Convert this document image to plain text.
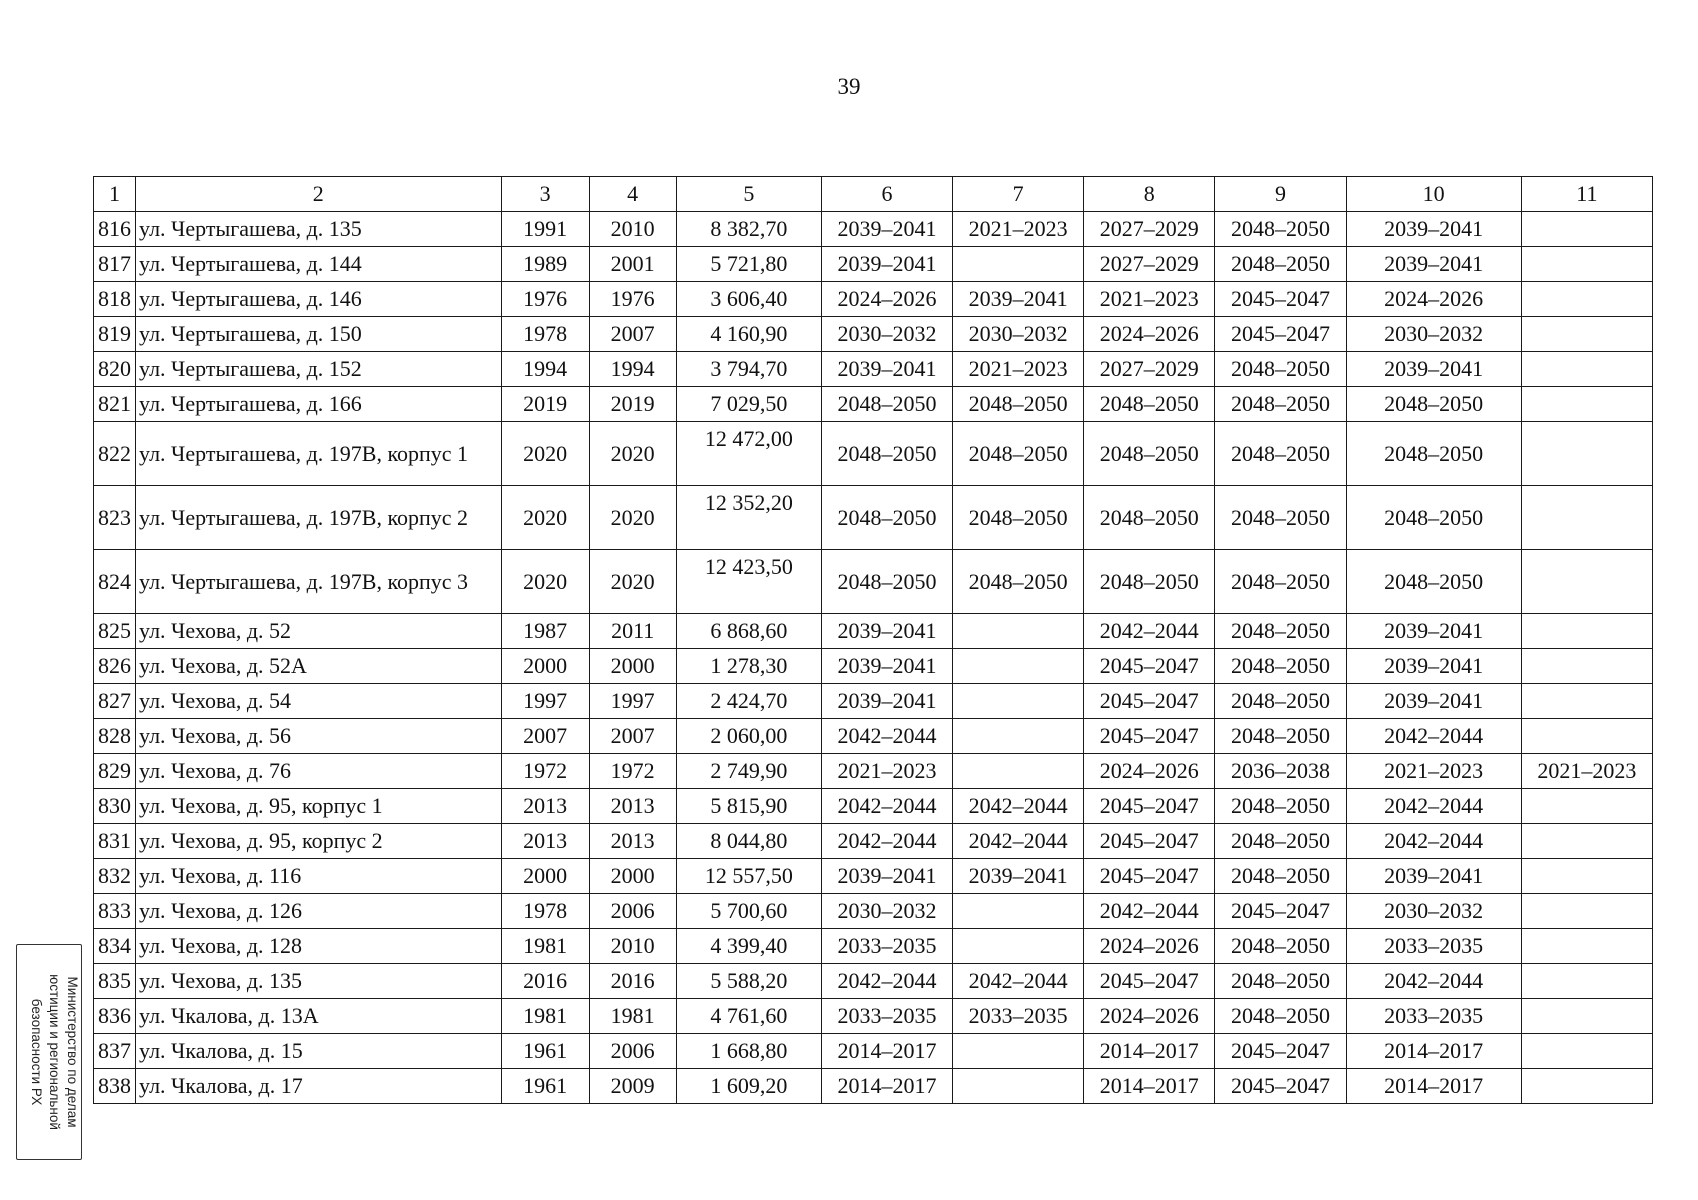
39
1	2	3	4	5	6	7	8	9	10	11
816	ул. Чертыгашева, д. 135	1991	2010	8 382,70	2039–2041	2021–2023	2027–2029	2048–2050	2039–2041	
817	ул. Чертыгашева, д. 144	1989	2001	5 721,80	2039–2041		2027–2029	2048–2050	2039–2041	
818	ул. Чертыгашева, д. 146	1976	1976	3 606,40	2024–2026	2039–2041	2021–2023	2045–2047	2024–2026	
819	ул. Чертыгашева, д. 150	1978	2007	4 160,90	2030–2032	2030–2032	2024–2026	2045–2047	2030–2032	
820	ул. Чертыгашева, д. 152	1994	1994	3 794,70	2039–2041	2021–2023	2027–2029	2048–2050	2039–2041	
821	ул. Чертыгашева, д. 166	2019	2019	7 029,50	2048–2050	2048–2050	2048–2050	2048–2050	2048–2050	
822	ул. Чертыгашева, д. 197В, корпус 1	2020	2020	12 472,00	2048–2050	2048–2050	2048–2050	2048–2050	2048–2050	
823	ул. Чертыгашева, д. 197В, корпус 2	2020	2020	12 352,20	2048–2050	2048–2050	2048–2050	2048–2050	2048–2050	
824	ул. Чертыгашева, д. 197В, корпус 3	2020	2020	12 423,50	2048–2050	2048–2050	2048–2050	2048–2050	2048–2050	
825	ул. Чехова, д. 52	1987	2011	6 868,60	2039–2041		2042–2044	2048–2050	2039–2041	
826	ул. Чехова, д. 52А	2000	2000	1 278,30	2039–2041		2045–2047	2048–2050	2039–2041	
827	ул. Чехова, д. 54	1997	1997	2 424,70	2039–2041		2045–2047	2048–2050	2039–2041	
828	ул. Чехова, д. 56	2007	2007	2 060,00	2042–2044		2045–2047	2048–2050	2042–2044	
829	ул. Чехова, д. 76	1972	1972	2 749,90	2021–2023		2024–2026	2036–2038	2021–2023	2021–2023
830	ул. Чехова, д. 95, корпус 1	2013	2013	5 815,90	2042–2044	2042–2044	2045–2047	2048–2050	2042–2044	
831	ул. Чехова, д. 95, корпус 2	2013	2013	8 044,80	2042–2044	2042–2044	2045–2047	2048–2050	2042–2044	
832	ул. Чехова, д. 116	2000	2000	12 557,50	2039–2041	2039–2041	2045–2047	2048–2050	2039–2041	
833	ул. Чехова, д. 126	1978	2006	5 700,60	2030–2032		2042–2044	2045–2047	2030–2032	
834	ул. Чехова, д. 128	1981	2010	4 399,40	2033–2035		2024–2026	2048–2050	2033–2035	
835	ул. Чехова, д. 135	2016	2016	5 588,20	2042–2044	2042–2044	2045–2047	2048–2050	2042–2044	
836	ул. Чкалова, д. 13А	1981	1981	4 761,60	2033–2035	2033–2035	2024–2026	2048–2050	2033–2035	
837	ул. Чкалова, д. 15	1961	2006	1 668,80	2014–2017		2014–2017	2045–2047	2014–2017	
838	ул. Чкалова, д. 17	1961	2009	1 609,20	2014–2017		2014–2017	2045–2047	2014–2017	
Министерство по делам
юстиции и региональной
безопасности РХ
